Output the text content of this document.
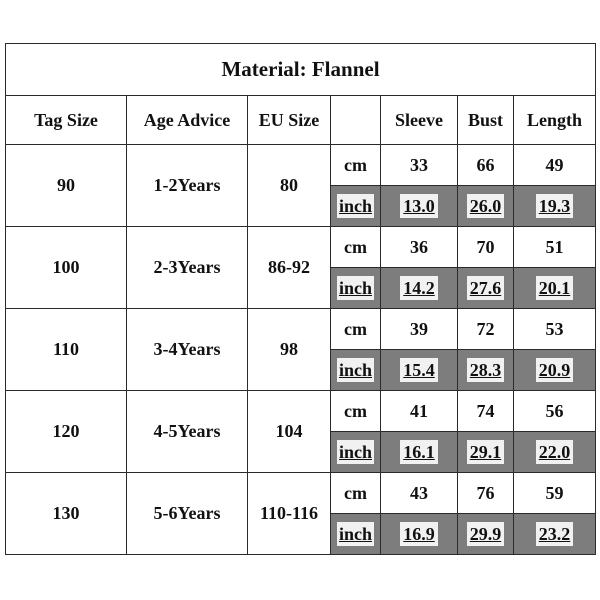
Material: Flannel						
Tag Size	Age Advice	EU Size		Sleeve	Bust	Length
90	1-2Years	80	cm	33	66	49
			inch	13.0	26.0	19.3
100	2-3Years	86-92	cm	36	70	51
			inch	14.2	27.6	20.1
110	3-4Years	98	cm	39	72	53
			inch	15.4	28.3	20.9
120	4-5Years	104	cm	41	74	56
			inch	16.1	29.1	22.0
130	5-6Years	110-116	cm	43	76	59
			inch	16.9	29.9	23.2
